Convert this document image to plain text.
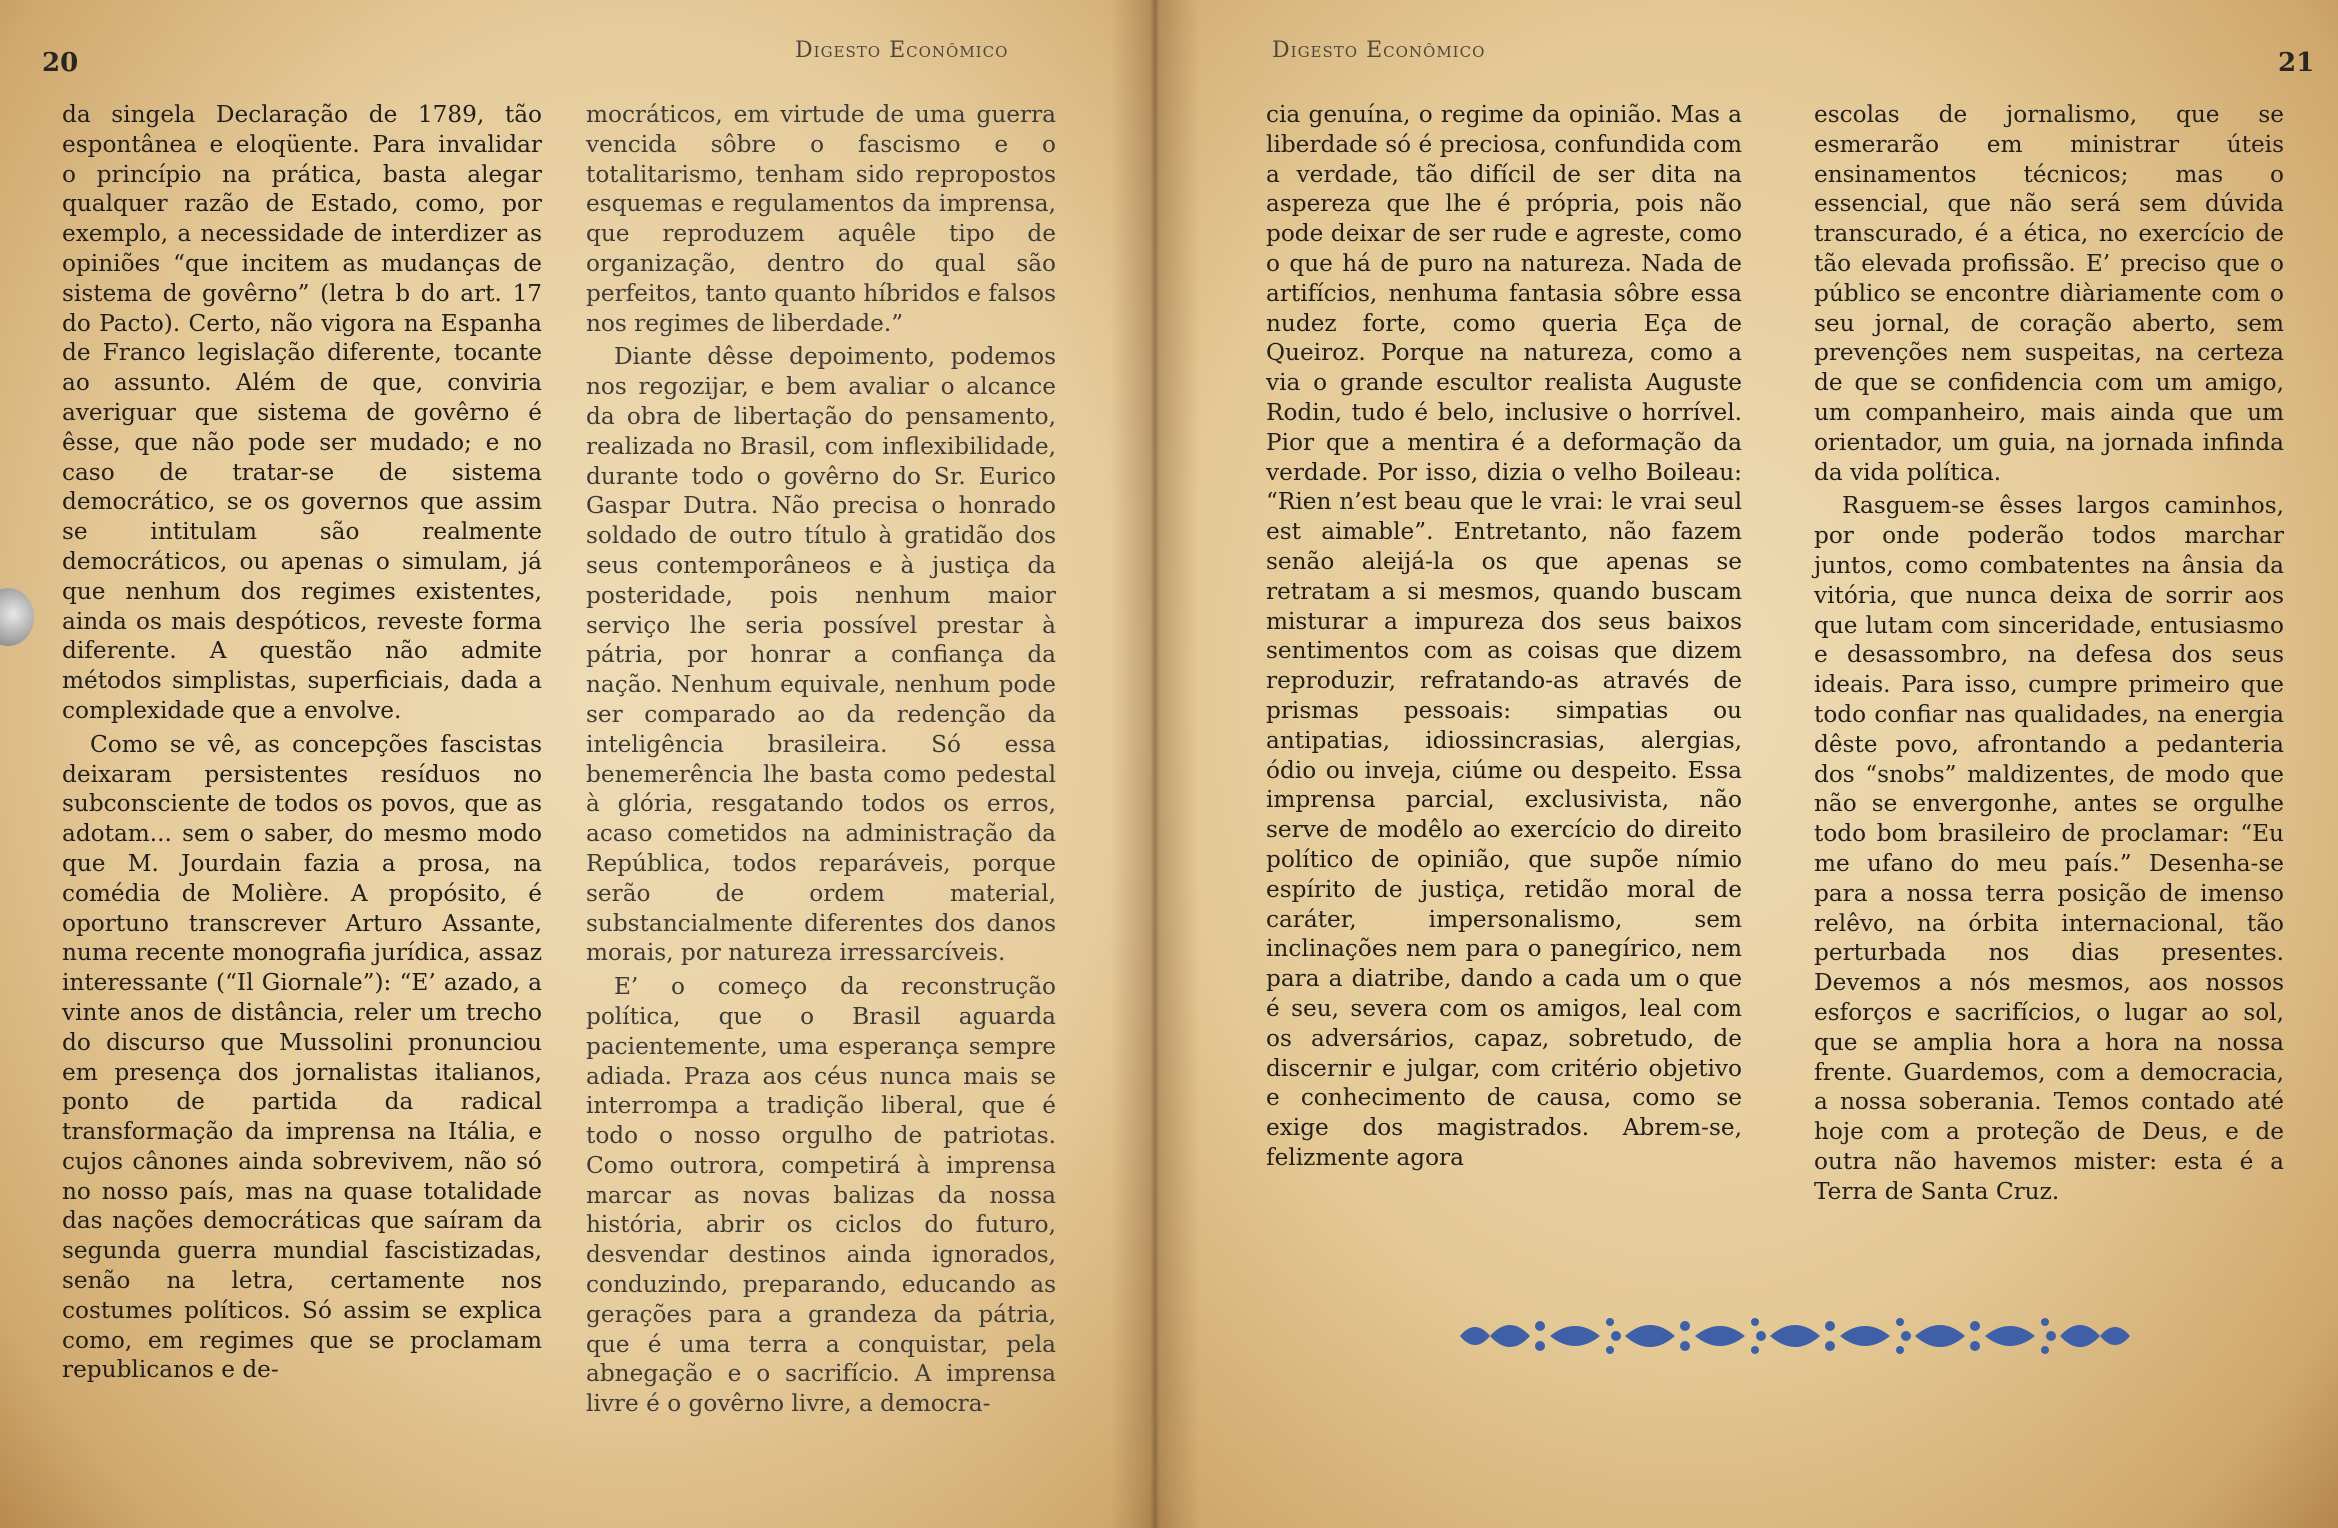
20	Digesto Econômico

da singela Declaração de 1789, tão espontânea e eloqüente. Para invalidar o princípio na prática, basta alegar qualquer razão de Estado, como, por exemplo, a necessidade de interdizer as opiniões “que incitem as mudanças de sistema de govêrno” (letra b do art. 17 do Pacto). Certo, não vigora na Espanha de Franco legislação diferente, tocante ao assunto. Além de que, conviria averiguar que sistema de govêrno é êsse, que não pode ser mudado; e no caso de tratar-se de sistema democrático, se os governos que assim se intitulam são realmente democráticos, ou apenas o simulam, já que nenhum dos regimes existentes, ainda os mais despóticos, reveste forma diferente. A questão não admite métodos simplistas, superficiais, dada a complexidade que a envolve.

Como se vê, as concepções fascistas deixaram persistentes resíduos no subconsciente de todos os povos, que as adotam... sem o saber, do mesmo modo que M. Jourdain fazia a prosa, na comédia de Molière. A propósito, é oportuno transcrever Arturo Assante, numa recente monografia jurídica, assaz interessante (“Il Giornale”): “E’ azado, a vinte anos de distância, reler um trecho do discurso que Mussolini pronunciou em presença dos jornalistas italianos, ponto de partida da radical transformação da imprensa na Itália, e cujos cânones ainda sobrevivem, não só no nosso país, mas na quase totalidade das nações democráticas que saíram da segunda guerra mundial fascistizadas, senão na letra, certamente nos costumes políticos. Só assim se explica como, em regimes que se proclamam republicanos e de-

mocráticos, em virtude de uma guerra vencida sôbre o fascismo e o totalitarismo, tenham sido repropostos esquemas e regulamentos da imprensa, que reproduzem aquêle tipo de organização, dentro do qual são perfeitos, tanto quanto híbridos e falsos nos regimes de liberdade.”

Diante dêsse depoimento, podemos nos regozijar, e bem avaliar o alcance da obra de libertação do pensamento, realizada no Brasil, com inflexibilidade, durante todo o govêrno do Sr. Eurico Gaspar Dutra. Não precisa o honrado soldado de outro título à gratidão dos seus contemporâneos e à justiça da posteridade, pois nenhum maior serviço lhe seria possível prestar à pátria, por honrar a confiança da nação. Nenhum equivale, nenhum pode ser comparado ao da redenção da inteligência brasileira. Só essa benemerência lhe basta como pedestal à glória, resgatando todos os erros, acaso cometidos na administração da República, todos reparáveis, porque serão de ordem material, substancialmente diferentes dos danos morais, por natureza irressarcíveis.

E’ o começo da reconstrução política, que o Brasil aguarda pacientemente, uma esperança sempre adiada. Praza aos céus nunca mais se interrompa a tradição liberal, que é todo o nosso orgulho de patriotas. Como outrora, competirá à imprensa marcar as novas balizas da nossa história, abrir os ciclos do futuro, desvendar destinos ainda ignorados, conduzindo, preparando, educando as gerações para a grandeza da pátria, que é uma terra a conquistar, pela abnegação e o sacrifício. A imprensa livre é o govêrno livre, a democra-

Digesto Econômico	21

cia genuína, o regime da opinião. Mas a liberdade só é preciosa, confundida com a verdade, tão difícil de ser dita na aspereza que lhe é própria, pois não pode deixar de ser rude e agreste, como o que há de puro na natureza. Nada de artifícios, nenhuma fantasia sôbre essa nudez forte, como queria Eça de Queiroz. Porque na natureza, como a via o grande escultor realista Auguste Rodin, tudo é belo, inclusive o horrível. Pior que a mentira é a deformação da verdade. Por isso, dizia o velho Boileau: “Rien n’est beau que le vrai: le vrai seul est aimable”. Entretanto, não fazem senão aleijá-la os que apenas se retratam a si mesmos, quando buscam misturar a impureza dos seus baixos sentimentos com as coisas que dizem reproduzir, refratando-as através de prismas pessoais: simpatias ou antipatias, idiossincrasias, alergias, ódio ou inveja, ciúme ou despeito. Essa imprensa parcial, exclusivista, não serve de modêlo ao exercício do direito político de opinião, que supõe nímio espírito de justiça, retidão moral de caráter, impersonalismo, sem inclinações nem para o panegírico, nem para a diatribe, dando a cada um o que é seu, severa com os amigos, leal com os adversários, capaz, sobretudo, de discernir e julgar, com critério objetivo e conhecimento de causa, como se exige dos magistrados. Abrem-se, felizmente agora

escolas de jornalismo, que se esmerarão em ministrar úteis ensinamentos técnicos; mas o essencial, que não será sem dúvida transcurado, é a ética, no exercício de tão elevada profissão. E’ preciso que o público se encontre diàriamente com o seu jornal, de coração aberto, sem prevenções nem suspeitas, na certeza de que se confidencia com um amigo, um companheiro, mais ainda que um orientador, um guia, na jornada infinda da vida política.

Rasguem-se êsses largos caminhos, por onde poderão todos marchar juntos, como combatentes na ânsia da vitória, que nunca deixa de sorrir aos que lutam com sinceridade, entusiasmo e desassombro, na defesa dos seus ideais. Para isso, cumpre primeiro que todo confiar nas qualidades, na energia dêste povo, afrontando a pedanteria dos “snobs” maldizentes, de modo que não se envergonhe, antes se orgulhe todo bom brasileiro de proclamar: “Eu me ufano do meu país.” Desenha-se para a nossa terra posição de imenso relêvo, na órbita internacional, tão perturbada nos dias presentes. Devemos a nós mesmos, aos nossos esforços e sacrifícios, o lugar ao sol, que se amplia hora a hora na nossa frente. Guardemos, com a democracia, a nossa soberania. Temos contado até hoje com a proteção de Deus, e de outra não havemos mister: esta é a Terra de Santa Cruz.
